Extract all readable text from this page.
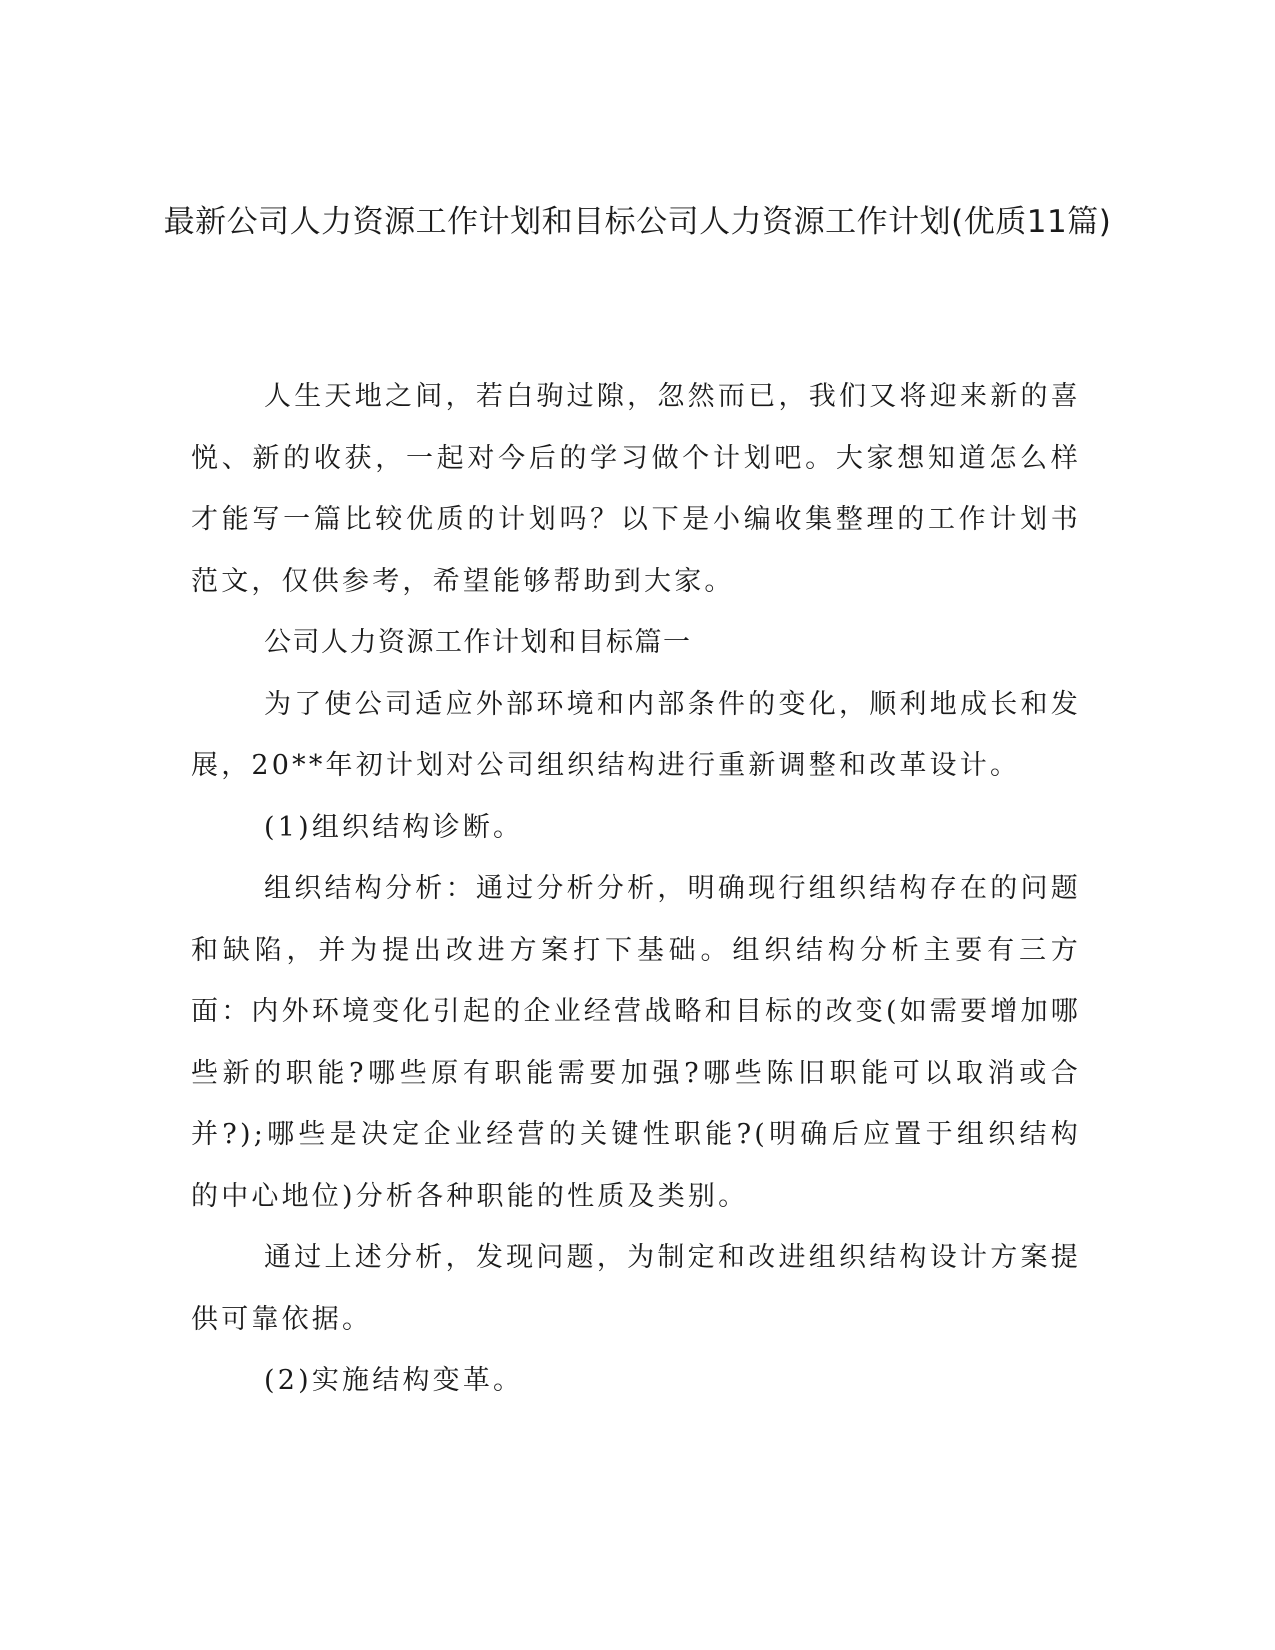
最新公司人力资源工作计划和目标公司人力资源工作计划(优质11篇)

人生天地之间，若白驹过隙，忽然而已，我们又将迎来新的喜悦、新的收获，一起对今后的学习做个计划吧。大家想知道怎么样才能写一篇比较优质的计划吗？以下是小编收集整理的工作计划书范文，仅供参考，希望能够帮助到大家。

公司人力资源工作计划和目标篇一

为了使公司适应外部环境和内部条件的变化，顺利地成长和发展，20**年初计划对公司组织结构进行重新调整和改革设计。

(1)组织结构诊断。

组织结构分析：通过分析分析，明确现行组织结构存在的问题和缺陷，并为提出改进方案打下基础。组织结构分析主要有三方面：内外环境变化引起的企业经营战略和目标的改变(如需要增加哪些新的职能?哪些原有职能需要加强?哪些陈旧职能可以取消或合并?);哪些是决定企业经营的关键性职能?(明确后应置于组织结构的中心地位)分析各种职能的性质及类别。

通过上述分析，发现问题，为制定和改进组织结构设计方案提供可靠依据。

(2)实施结构变革。
